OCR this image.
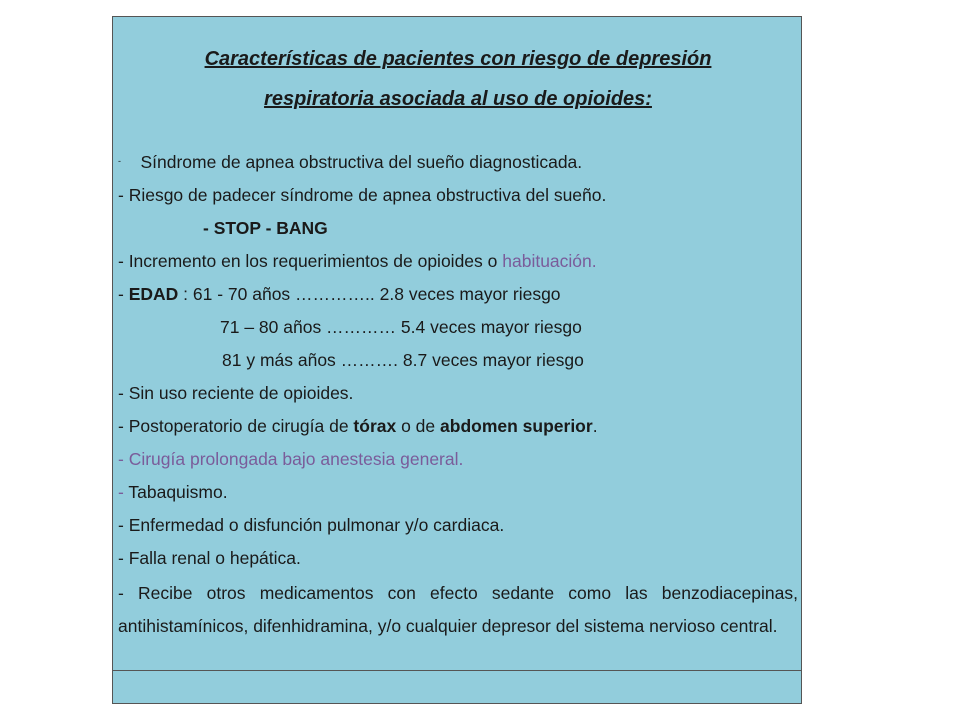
Características de pacientes con riesgo de depresión
respiratoria asociada al uso de opioides:
- Síndrome de apnea obstructiva del sueño diagnosticada.
- Riesgo de padecer síndrome de apnea obstructiva del sueño.
- STOP - BANG
- Incremento en los requerimientos de opioides o habituación.
- EDAD : 61 - 70 años ………….. 2.8 veces mayor riesgo
71 – 80 años ………… 5.4 veces mayor riesgo
81 y más años ………. 8.7 veces mayor riesgo
- Sin uso reciente de opioides.
- Postoperatorio de cirugía de tórax o de abdomen superior.
- Cirugía prolongada bajo anestesia general.
- Tabaquismo.
- Enfermedad o disfunción pulmonar y/o cardiaca.
- Falla renal o hepática.
- Recibe otros medicamentos con efecto sedante como las benzodiacepinas, antihistamínicos, difenhidramina, y/o cualquier depresor del sistema nervioso central.
